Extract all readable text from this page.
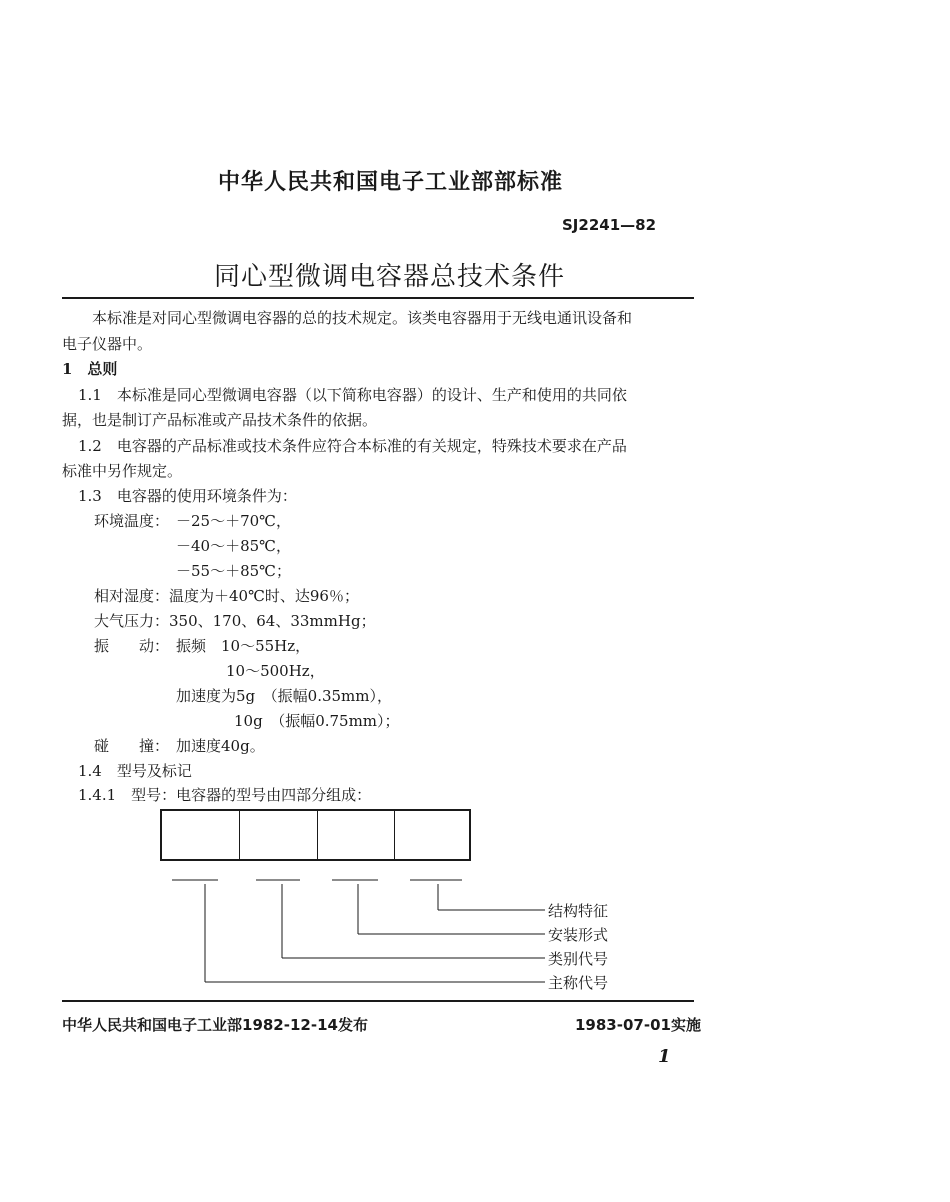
中华人民共和国电子工业部部标准
SJ2241—82
同心型微调电容器总技术条件
本标准是对同心型微调电容器的总的技术规定。该类电容器用于无线电通讯设备和
电子仪器中。
1　总则
1.1　本标准是同心型微调电容器（以下简称电容器）的设计、生产和使用的共同依
据，也是制订产品标准或产品技术条件的依据。
1.2　电容器的产品标准或技术条件应符合本标准的有关规定，特殊技术要求在产品
标准中另作规定。
1.3　电容器的使用环境条件为：
环境温度： －25～＋70℃，
－40～＋85℃，
－55～＋85℃；
相对湿度：温度为＋40℃时、达96％；
大气压力：350、170、64、33mmHg；
振　　动： 振频　10～55Hz，
10～500Hz，
加速度为5g　（振幅0.35mm），
10g　（振幅0.75mm）；
碰　　撞： 加速度40g。
1.4　型号及标记
1.4.1　型号：电容器的型号由四部分组成：
结构特征
安装形式
类别代号
主称代号
中华人民共和国电子工业部1982-12-14发布	1983-07-01实施
1
